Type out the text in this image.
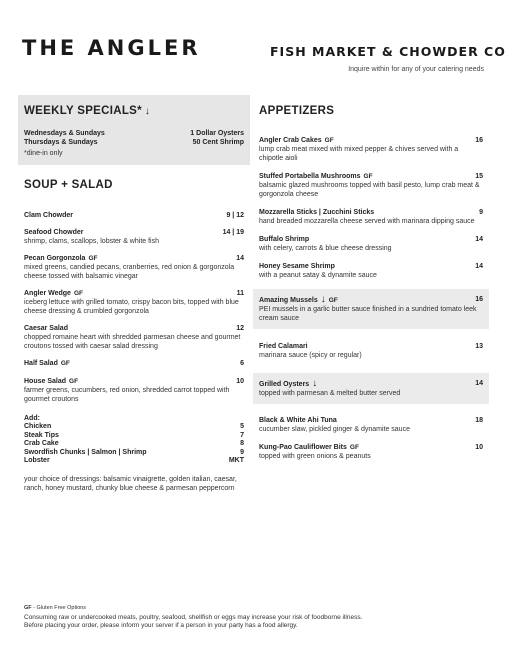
THE ANGLER	FISH MARKET & CHOWDER CO
Inquire within for any of your catering needs
WEEKLY SPECIALS* ↓
Wednesdays & Sundays	1 Dollar Oysters
Thursdays & Sundays	50 Cent Shrimp
*dine-in only
SOUP + SALAD
Clam Chowder	9 | 12
Seafood Chowder	14 | 19
shrimp, clams, scallops, lobster & white fish
Pecan Gorgonzola GF	14
mixed greens, candied pecans, cranberries, red onion & gorgonzola cheese tossed with balsamic vinegar
Angler Wedge GF	11
iceberg lettuce with grilled tomato, crispy bacon bits, topped with blue cheese dressing & crumbled gorgonzola
Caesar Salad	12
chopped romaine heart with shredded parmesan cheese and gourmet croutons tossed with caesar salad dressing
Half Salad GF	6
House Salad GF	10
farmer greens, cucumbers, red onion, shredded carrot topped with gourmet croutons
Add:
Chicken	5
Steak Tips	7
Crab Cake	8
Swordfish Chunks | Salmon | Shrimp	9
Lobster	MKT
your choice of dressings: balsamic vinaigrette, golden italian, caesar, ranch, honey mustard, chunky blue cheese & parmesan peppercorn
APPETIZERS
Angler Crab Cakes GF	16
lump crab meat mixed with mixed pepper & chives served with a chipotle aioli
Stuffed Portabella Mushrooms GF	15
balsamic glazed mushrooms topped with basil pesto, lump crab meat & gorgonzola cheese
Mozzarella Sticks | Zucchini Sticks	9
hand breaded mozzarella cheese served with marinara dipping sauce
Buffalo Shrimp	14
with celery, carrots & blue cheese dressing
Honey Sesame Shrimp	14
with a peanut satay & dynamite sauce
Amazing Mussels ↓ GF	16
PEI mussels in a garlic butter sauce finished in a sundried tomato leek cream sauce
Fried Calamari	13
marinara sauce (spicy or regular)
Grilled Oysters ↓	14
topped with parmesan & melted butter served
Black & White Ahi Tuna	18
cucumber slaw, pickled ginger & dynamite sauce
Kung-Pao Cauliflower Bits GF	10
topped with green onions & peanuts
GF - Gluten Free Options
Consuming raw or undercooked meats, poultry, seafood, shellfish or eggs may increase your risk of foodborne illness.
Before placing your order, please inform your server if a person in your party has a food allergy.
